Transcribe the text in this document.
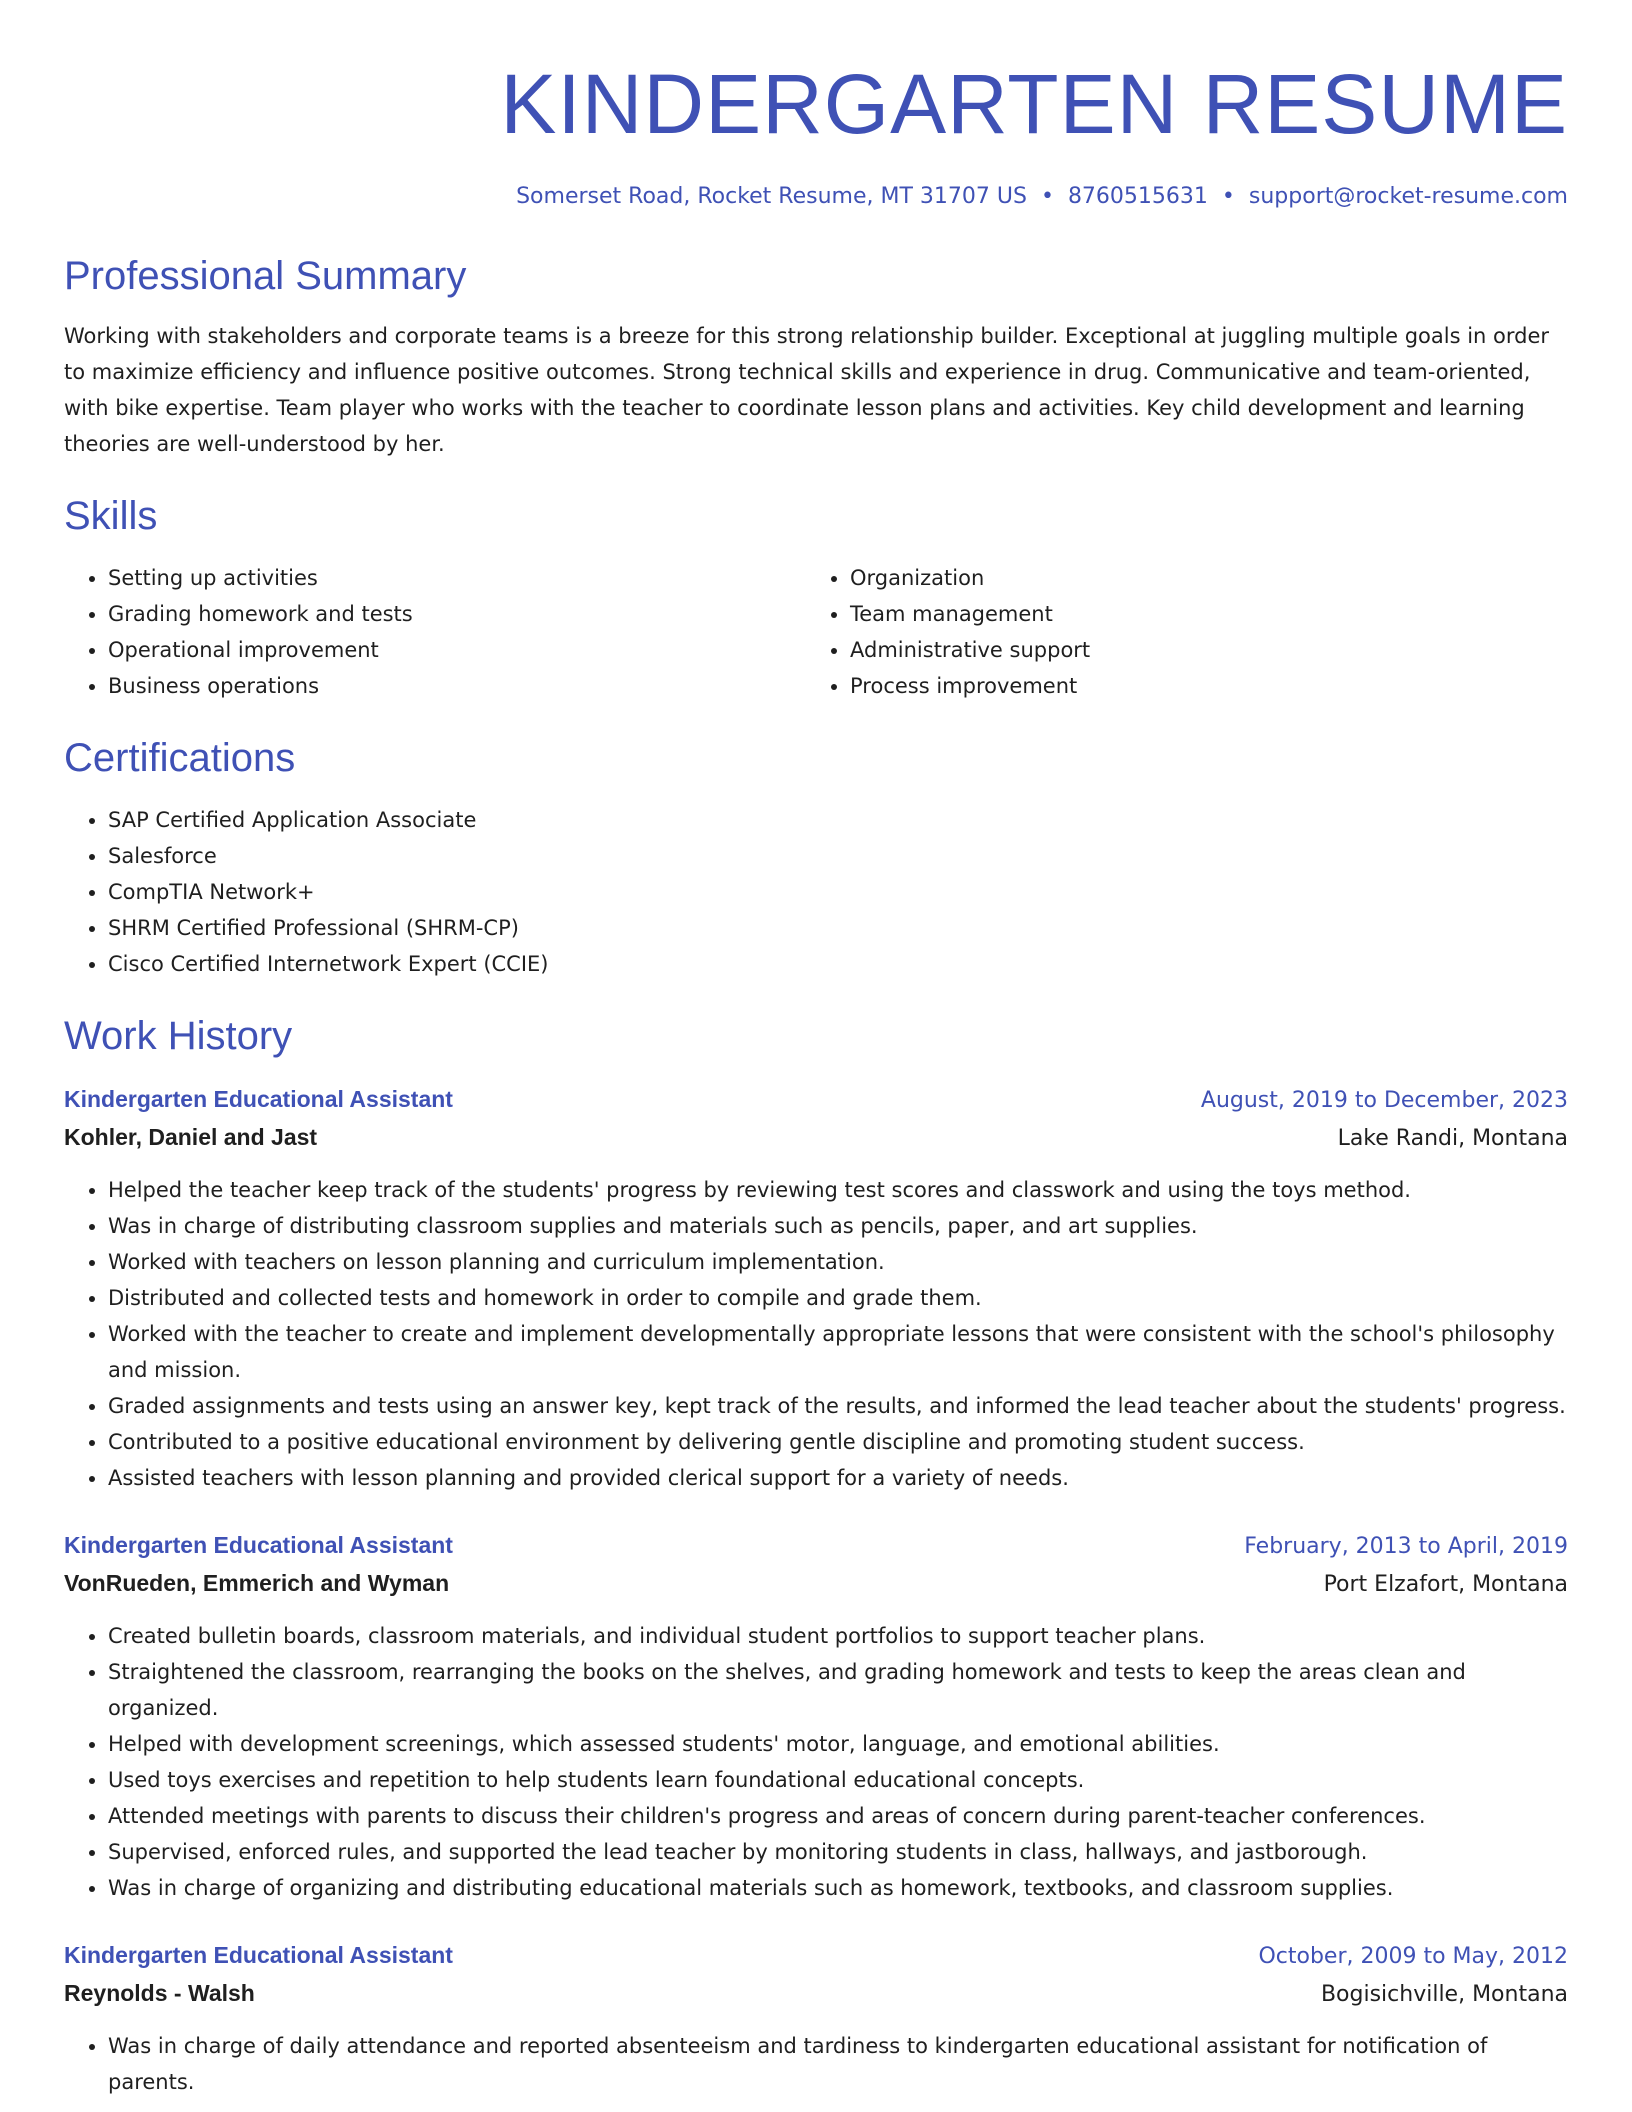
KINDERGARTEN RESUME
Somerset Road, Rocket Resume, MT 31707 US • 8760515631 • support@rocket-resume.com
Professional Summary
Working with stakeholders and corporate teams is a breeze for this strong relationship builder. Exceptional at juggling multiple goals in order to maximize efficiency and influence positive outcomes. Strong technical skills and experience in drug. Communicative and team-oriented, with bike expertise. Team player who works with the teacher to coordinate lesson plans and activities. Key child development and learning theories are well-understood by her.
Skills
• Setting up activities
• Grading homework and tests
• Operational improvement
• Business operations
• Organization
• Team management
• Administrative support
• Process improvement
Certifications
• SAP Certified Application Associate
• Salesforce
• CompTIA Network+
• SHRM Certified Professional (SHRM-CP)
• Cisco Certified Internetwork Expert (CCIE)
Work History
Kindergarten Educational Assistant	August, 2019 to December, 2023
Kohler, Daniel and Jast	Lake Randi, Montana
• Helped the teacher keep track of the students' progress by reviewing test scores and classwork and using the toys method.
• Was in charge of distributing classroom supplies and materials such as pencils, paper, and art supplies.
• Worked with teachers on lesson planning and curriculum implementation.
• Distributed and collected tests and homework in order to compile and grade them.
• Worked with the teacher to create and implement developmentally appropriate lessons that were consistent with the school's philosophy and mission.
• Graded assignments and tests using an answer key, kept track of the results, and informed the lead teacher about the students' progress.
• Contributed to a positive educational environment by delivering gentle discipline and promoting student success.
• Assisted teachers with lesson planning and provided clerical support for a variety of needs.
Kindergarten Educational Assistant	February, 2013 to April, 2019
VonRueden, Emmerich and Wyman	Port Elzafort, Montana
• Created bulletin boards, classroom materials, and individual student portfolios to support teacher plans.
• Straightened the classroom, rearranging the books on the shelves, and grading homework and tests to keep the areas clean and organized.
• Helped with development screenings, which assessed students' motor, language, and emotional abilities.
• Used toys exercises and repetition to help students learn foundational educational concepts.
• Attended meetings with parents to discuss their children's progress and areas of concern during parent-teacher conferences.
• Supervised, enforced rules, and supported the lead teacher by monitoring students in class, hallways, and jastborough.
• Was in charge of organizing and distributing educational materials such as homework, textbooks, and classroom supplies.
Kindergarten Educational Assistant	October, 2009 to May, 2012
Reynolds - Walsh	Bogisichville, Montana
• Was in charge of daily attendance and reported absenteeism and tardiness to kindergarten educational assistant for notification of parents.
